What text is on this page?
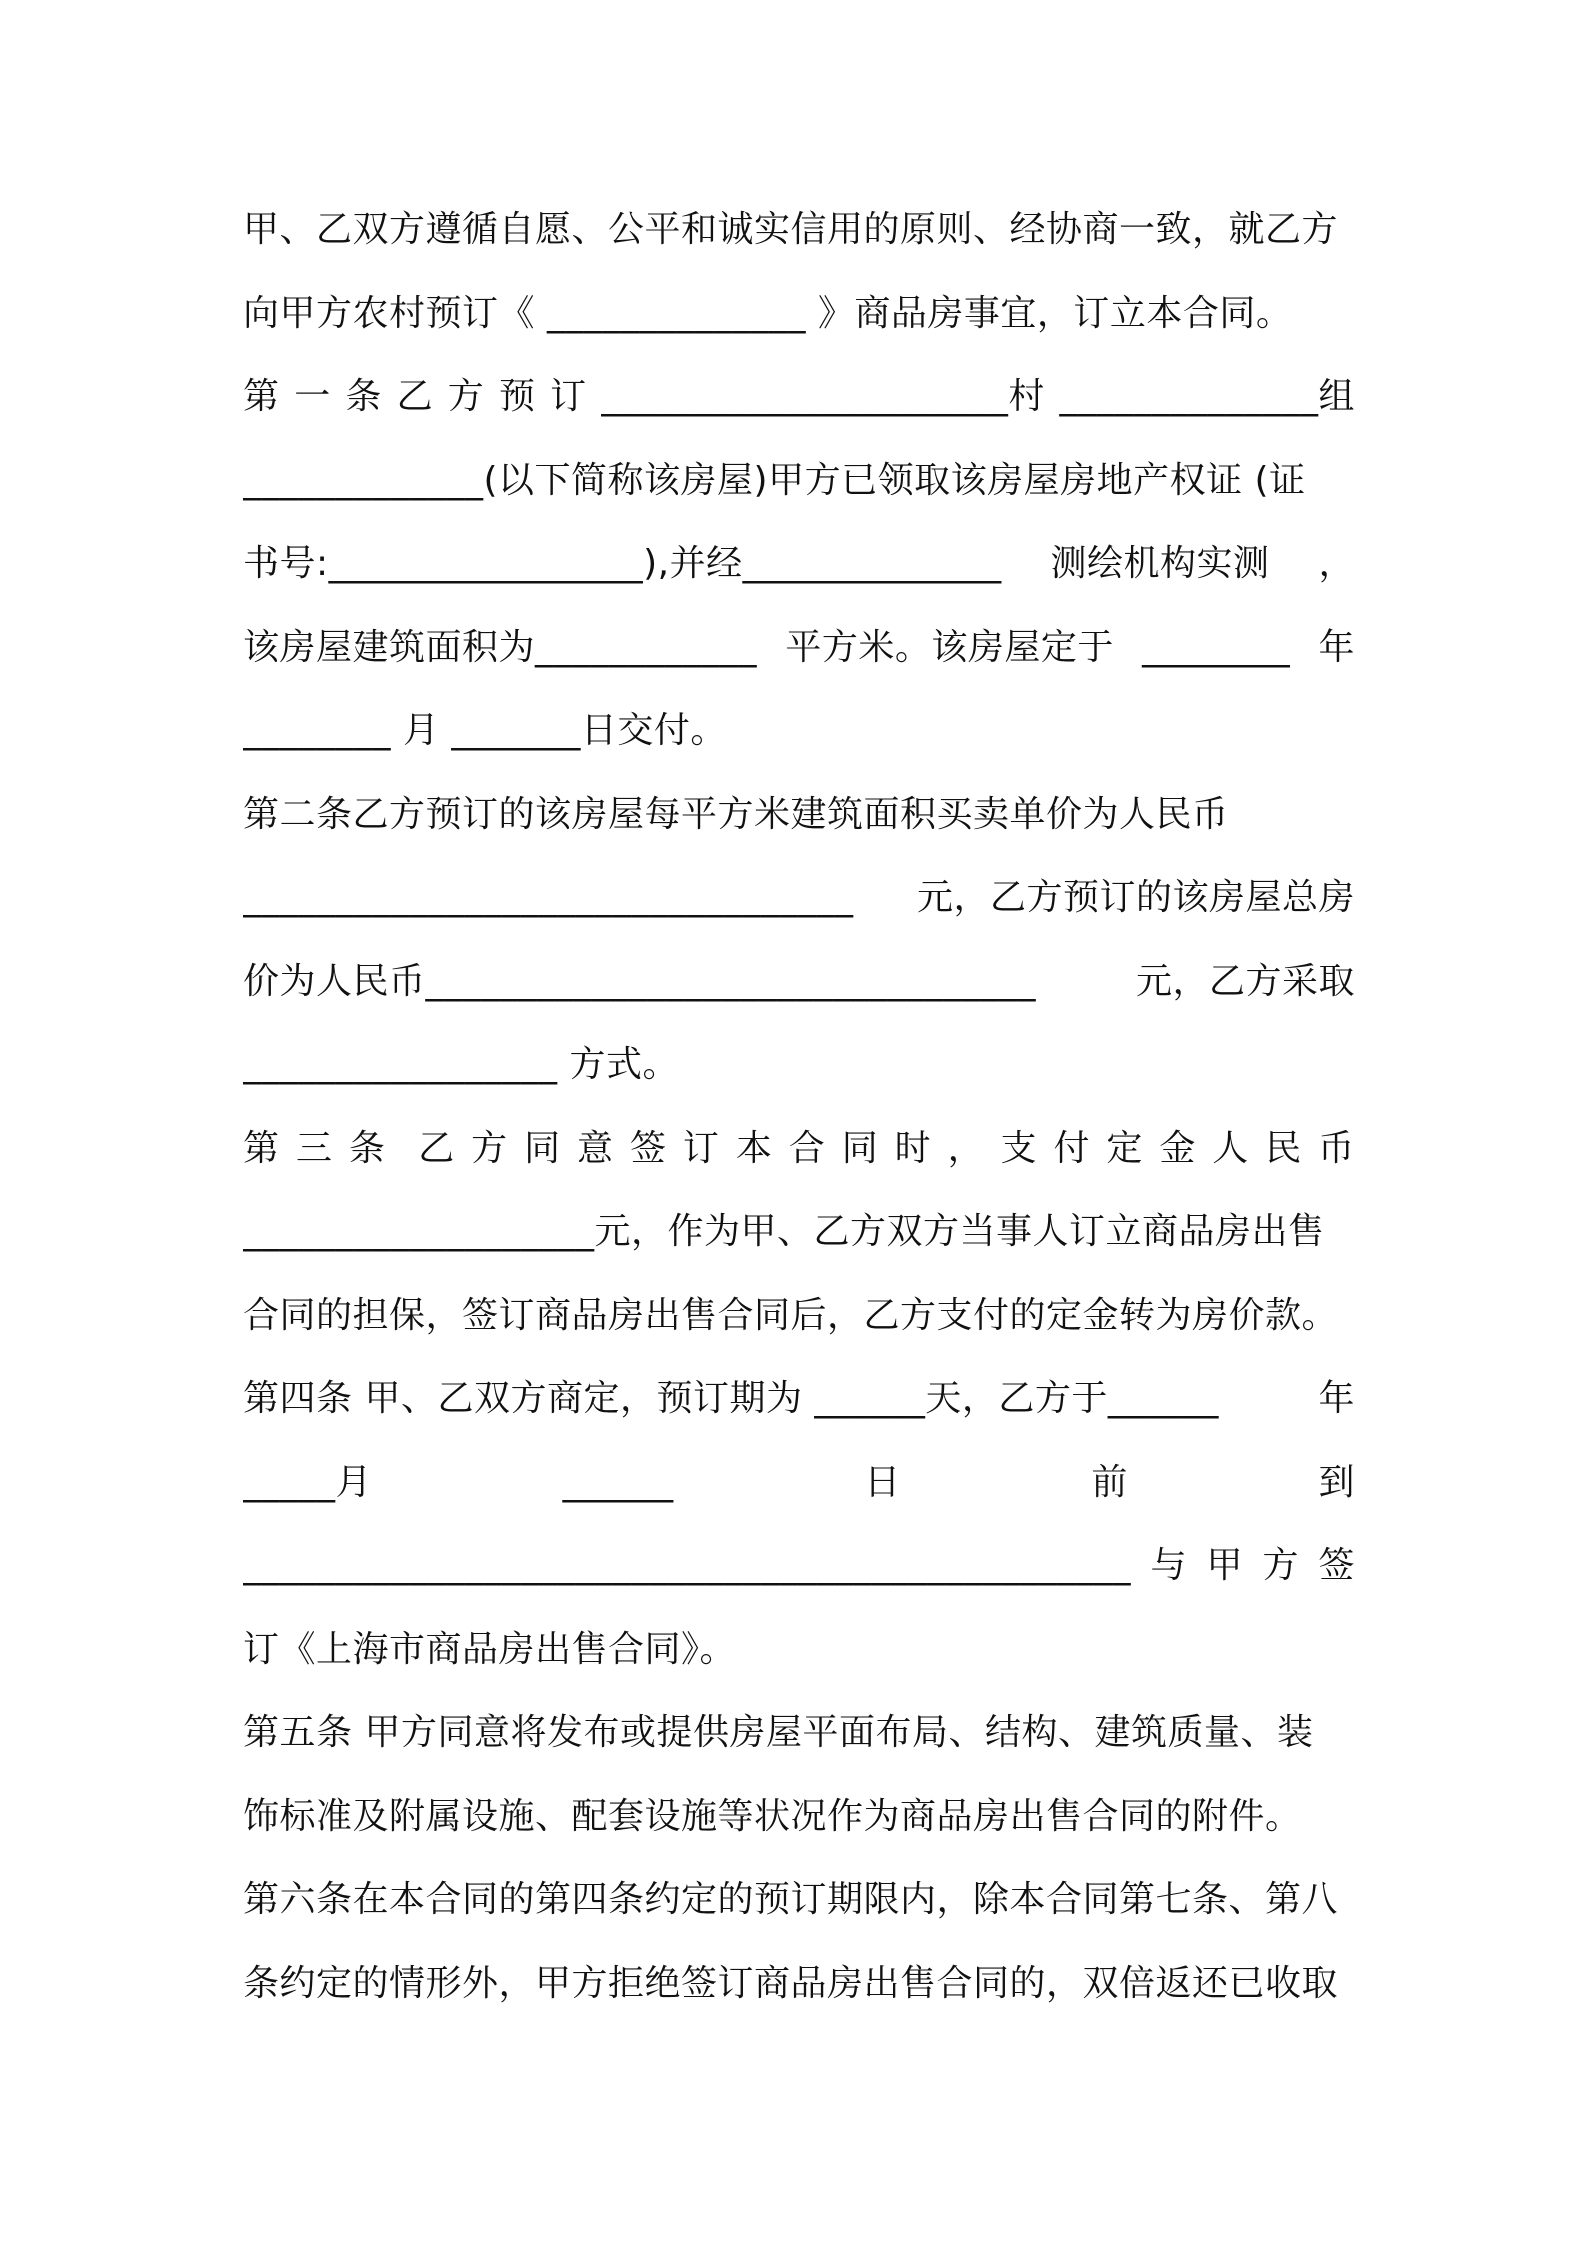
甲、乙双方遵循自愿、公平和诚实信用的原则、经协商一致，就乙方
向甲方农村预订《 ______________ 》商品房事宜，订立本合同。
第 一 条 乙 方 预 订 ______________________村 ______________组
_____________(以下简称该房屋)甲方已领取该房屋房地产权证 (证
书号:_________________),并经______________ 测绘机构实测 ，
该房屋建筑面积为____________ 平方米。该房屋定于 ________ 年
________ 月 _______日交付。
第二条乙方预订的该房屋每平方米建筑面积买卖单价为人民币
_________________________________ 元，乙方预订的该房屋总房
价为人民币_________________________________	元，乙方采取
_________________ 方式。
第 三 条 乙 方 同 意 签 订 本 合 同 时 ， 支 付 定 金 人 民 币
___________________元，作为甲、乙方双方当事人订立商品房出售
合同的担保，签订商品房出售合同后，乙方支付的定金转为房价款。
第四条 甲、乙双方商定，预订期为 ______天，乙方于______	年
_____月	______	日	前	到
________________________________________________ 与 甲 方 签
订《上海市商品房出售合同》。
第五条 甲方同意将发布或提供房屋平面布局、结构、建筑质量、装
饰标准及附属设施、配套设施等状况作为商品房出售合同的附件。
第六条在本合同的第四条约定的预订期限内，除本合同第七条、第八
条约定的情形外，甲方拒绝签订商品房出售合同的，双倍返还已收取
